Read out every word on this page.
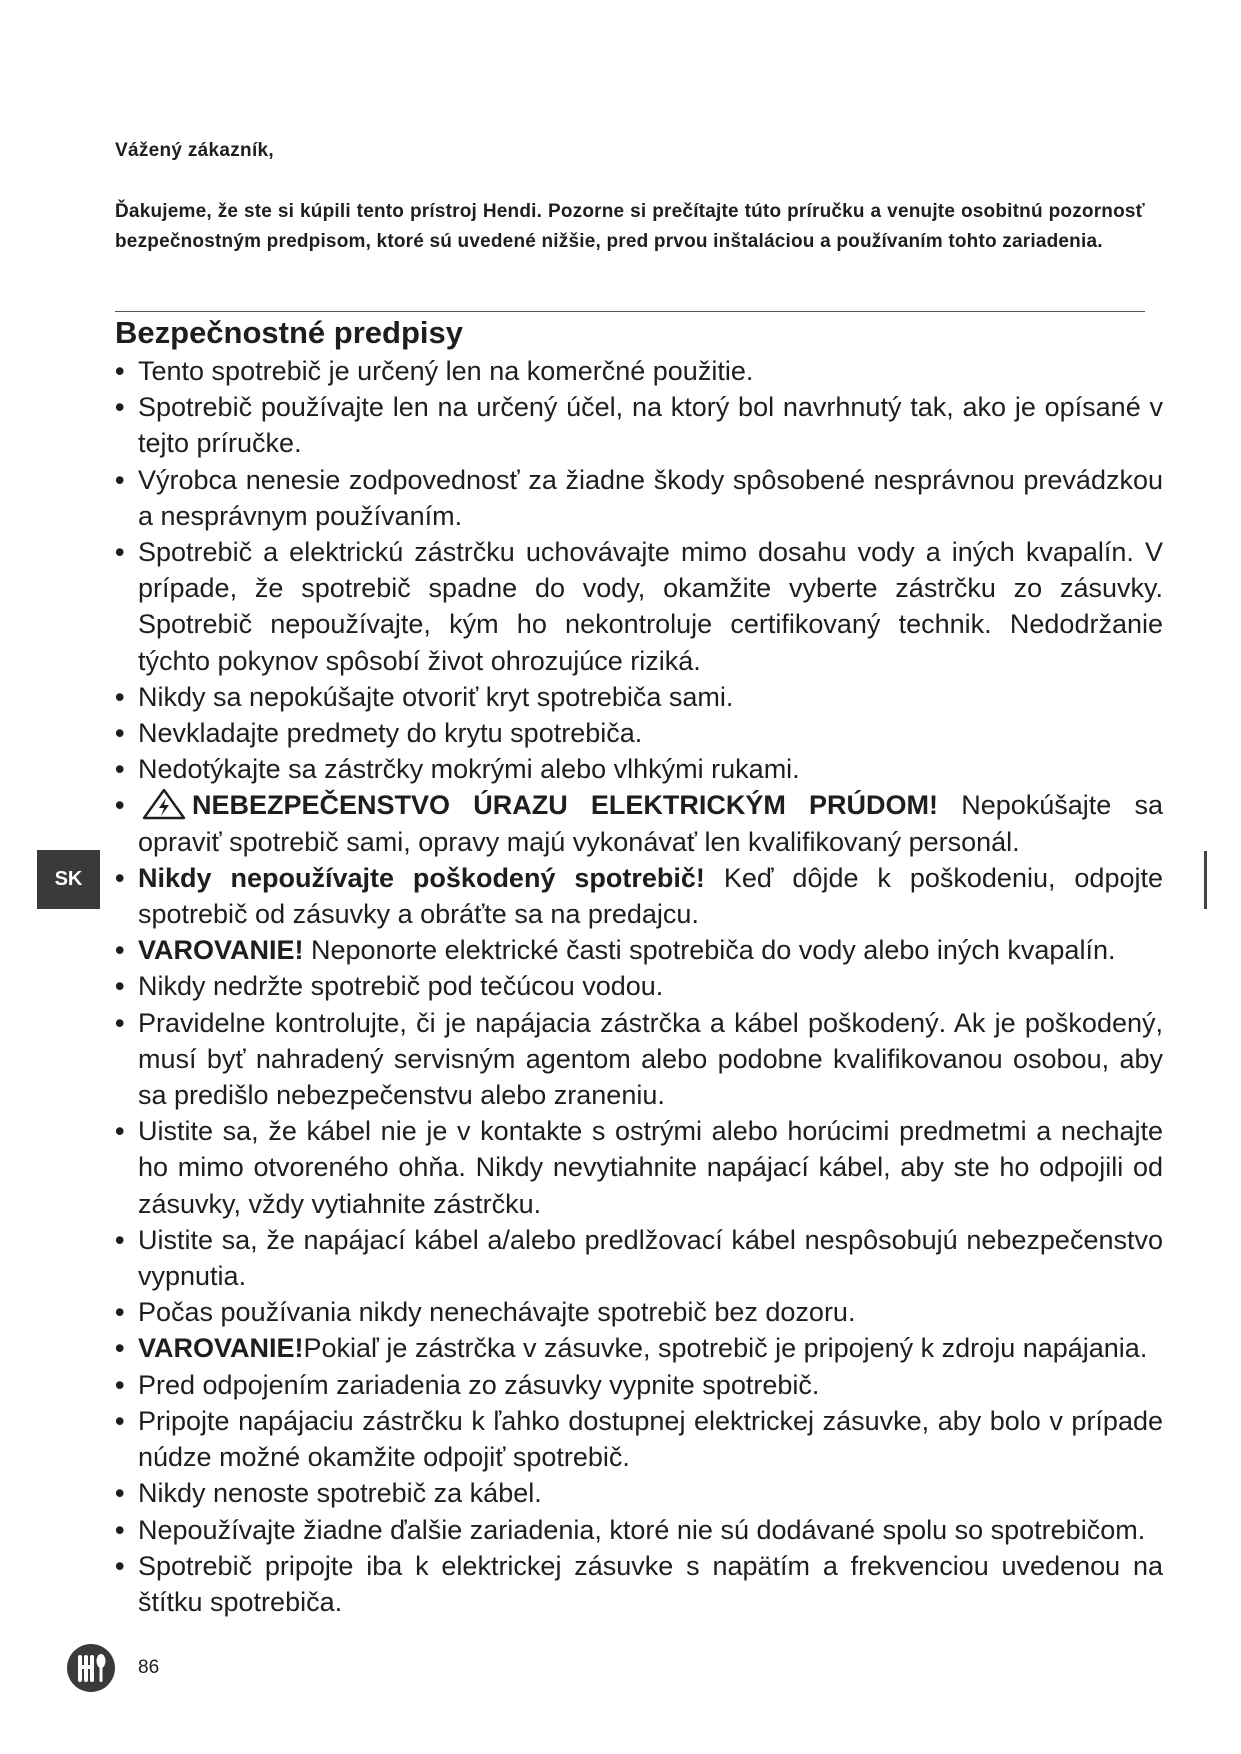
Vážený zákazník,
Ďakujeme, že ste si kúpili tento prístroj Hendi. Pozorne si prečítajte túto príručku a venujte osobitnú pozornosť bezpečnostným predpisom, ktoré sú uvedené nižšie, pred prvou inštaláciou a používaním tohto zariadenia.
Bezpečnostné predpisy
• Tento spotrebič je určený len na komerčné použitie.
• Spotrebič používajte len na určený účel, na ktorý bol navrhnutý tak, ako je opísané v tejto príručke.
• Výrobca nenesie zodpovednosť za žiadne škody spôsobené nesprávnou prevádzkou a nesprávnym používaním.
• Spotrebič a elektrickú zástrčku uchovávajte mimo dosahu vody a iných kvapalín. V prípade, že spotrebič spadne do vody, okamžite vyberte zástrčku zo zásuvky. Spotrebič nepoužívajte, kým ho nekontroluje certifikovaný technik. Nedodržanie týchto pokynov spôsobí život ohrozujúce riziká.
• Nikdy sa nepokúšajte otvoriť kryt spotrebiča sami.
• Nevkladajte predmety do krytu spotrebiča.
• Nedotýkajte sa zástrčky mokrými alebo vlhkými rukami.
•	NEBEZPEČENSTVO ÚRAZU ELEKTRICKÝM PRÚDOM! Nepokúšajte sa opraviť spotrebič sami, opravy majú vykonávať len kvalifikovaný personál.
• Nikdy nepoužívajte poškodený spotrebič! Keď dôjde k poškodeniu, odpojte spotrebič od zásuvky a obráťte sa na predajcu.
• VAROVANIE! Neponorte elektrické časti spotrebiča do vody alebo iných kvapalín.
• Nikdy nedržte spotrebič pod tečúcou vodou.
• Pravidelne kontrolujte, či je napájacia zástrčka a kábel poškodený. Ak je poškodený, musí byť nahradený servisným agentom alebo podobne kvalifikovanou osobou, aby sa predišlo nebezpečenstvu alebo zraneniu.
• Uistite sa, že kábel nie je v kontakte s ostrými alebo horúcimi predmetmi a nechajte ho mimo otvoreného ohňa. Nikdy nevytiahnite napájací kábel, aby ste ho odpojili od zásuvky, vždy vytiahnite zástrčku.
• Uistite sa, že napájací kábel a/alebo predlžovací kábel nespôsobujú nebezpečenstvo vypnutia.
• Počas používania nikdy nenechávajte spotrebič bez dozoru.
• VAROVANIE!Pokiaľ je zástrčka v zásuvke, spotrebič je pripojený k zdroju napájania.
• Pred odpojením zariadenia zo zásuvky vypnite spotrebič.
• Pripojte napájaciu zástrčku k ľahko dostupnej elektrickej zásuvke, aby bolo v prípade núdze možné okamžite odpojiť spotrebič.
• Nikdy nenoste spotrebič za kábel.
• Nepoužívajte žiadne ďalšie zariadenia, ktoré nie sú dodávané spolu so spotrebičom.
• Spotrebič pripojte iba k elektrickej zásuvke s napätím a frekvenciou uvedenou na štítku spotrebiča.
SK
86
